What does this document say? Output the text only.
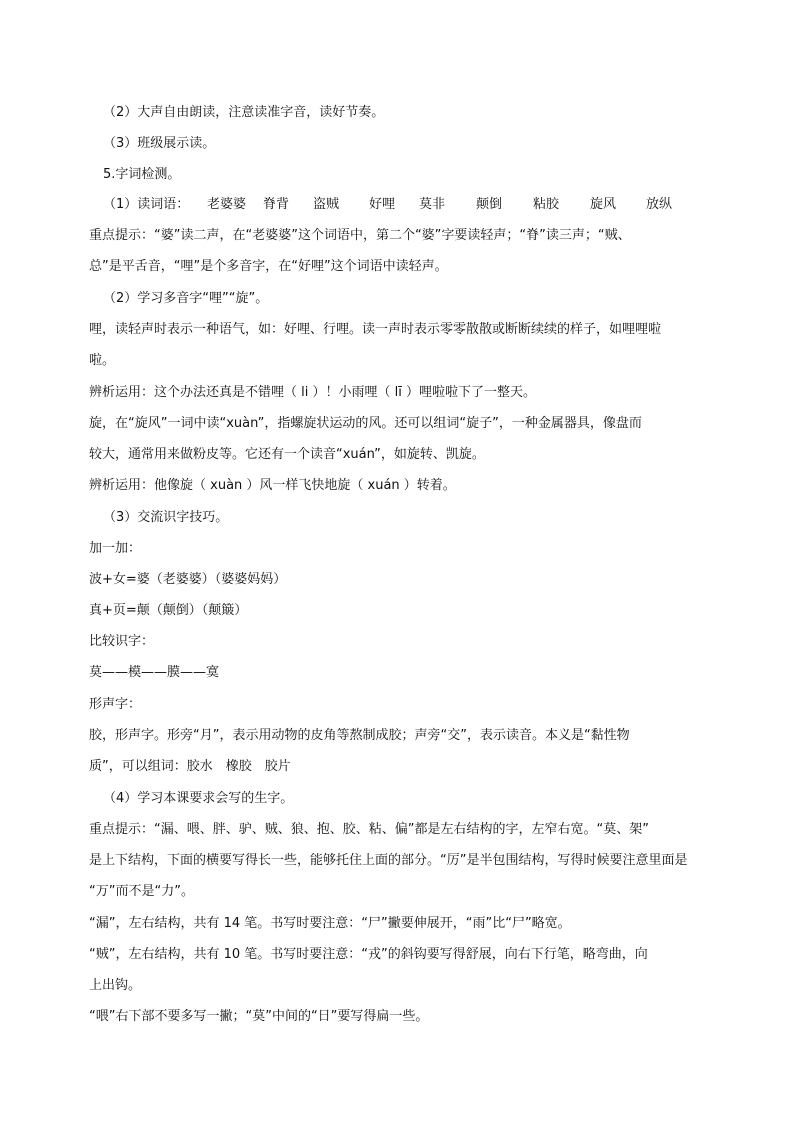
（2）大声自由朗读，注意读准字音，读好节奏。
（3）班级展示读。
5.字词检测。
（1）读词语：	老婆婆	脊背	盗贼	好哩	莫非	颠倒	粘胶	旋风	放纵
重点提示：“婆”读二声，在“老婆婆”这个词语中，第二个“婆”字要读轻声；“脊”读三声；“贼、
总”是平舌音，“哩”是个多音字，在“好哩”这个词语中读轻声。
（2）学习多音字“哩”“旋”。
哩，读轻声时表示一种语气，如：好哩、行哩。读一声时表示零零散散或断断续续的样子，如哩哩啦
啦。
辨析运用：这个办法还真是不错哩（ li ）！小雨哩（ lī ）哩啦啦下了一整天。
旋，在“旋风”一词中读“xuàn”，指螺旋状运动的风。还可以组词“旋子”，一种金属器具，像盘而
较大，通常用来做粉皮等。它还有一个读音“xuán”，如旋转、凯旋。
辨析运用：他像旋（ xuàn ）风一样飞快地旋（ xuán ）转着。
（3）交流识字技巧。
加一加：
波+女=婆（老婆婆）（婆婆妈妈）
真+页=颠（颠倒）（颠簸）
比较识字：
莫——模——膜——寞
形声字：
胶，形声字。形旁“月”，表示用动物的皮角等熬制成胶；声旁“交”，表示读音。本义是“黏性物
质”，可以组词：胶水　橡胶　胶片
（4）学习本课要求会写的生字。
重点提示：“漏、喂、胖、驴、贼、狼、抱、胶、粘、偏”都是左右结构的字，左窄右宽。“莫、架”
是上下结构，下面的横要写得长一些，能够托住上面的部分。“厉”是半包围结构，写得时候要注意里面是
“万”而不是“力”。
“漏”，左右结构，共有 14 笔。书写时要注意：“尸”撇要伸展开，“雨”比“尸”略宽。
“贼”，左右结构，共有 10 笔。书写时要注意：“戎”的斜钩要写得舒展，向右下行笔，略弯曲，向
上出钩。
“喂”右下部不要多写一撇；“莫”中间的“日”要写得扁一些。
